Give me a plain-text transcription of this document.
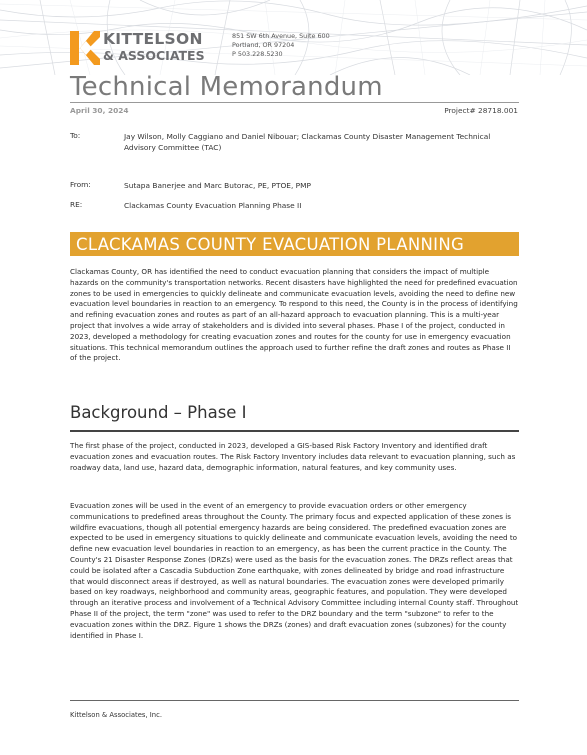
KITTELSON
& ASSOCIATES
851 SW 6th Avenue, Suite 600
Portland, OR 97204
P 503.228.5230
Technical Memorandum
April 30, 2024	Project# 28718.001
To:	Jay Wilson, Molly Caggiano and Daniel Nibouar; Clackamas County Disaster Management Technical Advisory Committee (TAC)
From:	Sutapa Banerjee and Marc Butorac, PE, PTOE, PMP
RE:	Clackamas County Evacuation Planning Phase II
CLACKAMAS COUNTY EVACUATION PLANNING

Clackamas County, OR has identified the need to conduct evacuation planning that considers the impact of multiple hazards on the community's transportation networks. Recent disasters have highlighted the need for predefined evacuation zones to be used in emergencies to quickly delineate and communicate evacuation levels, avoiding the need to define new evacuation level boundaries in reaction to an emergency. To respond to this need, the County is in the process of identifying and refining evacuation zones and routes as part of an all-hazard approach to evacuation planning. This is a multi-year project that involves a wide array of stakeholders and is divided into several phases. Phase I of the project, conducted in 2023, developed a methodology for creating evacuation zones and routes for the county for use in emergency evacuation situations. This technical memorandum outlines the approach used to further refine the draft zones and routes as Phase II of the project.

Background – Phase I

The first phase of the project, conducted in 2023, developed a GIS-based Risk Factory Inventory and identified draft evacuation zones and evacuation routes. The Risk Factory Inventory includes data relevant to evacuation planning, such as roadway data, land use, hazard data, demographic information, natural features, and key community uses.

Evacuation zones will be used in the event of an emergency to provide evacuation orders or other emergency communications to predefined areas throughout the County. The primary focus and expected application of these zones is wildfire evacuations, though all potential emergency hazards are being considered. The predefined evacuation zones are expected to be used in emergency situations to quickly delineate and communicate evacuation levels, avoiding the need to define new evacuation level boundaries in reaction to an emergency, as has been the current practice in the County. The County's 21 Disaster Response Zones (DRZs) were used as the basis for the evacuation zones. The DRZs reflect areas that could be isolated after a Cascadia Subduction Zone earthquake, with zones delineated by bridge and road infrastructure that would disconnect areas if destroyed, as well as natural boundaries. The evacuation zones were developed primarily based on key roadways, neighborhood and community areas, geographic features, and population. They were developed through an iterative process and involvement of a Technical Advisory Committee including internal County staff. Throughout Phase II of the project, the term "zone" was used to refer to the DRZ boundary and the term "subzone" to refer to the evacuation zones within the DRZ. Figure 1 shows the DRZs (zones) and draft evacuation zones (subzones) for the county identified in Phase I.

Kittelson & Associates, Inc.
